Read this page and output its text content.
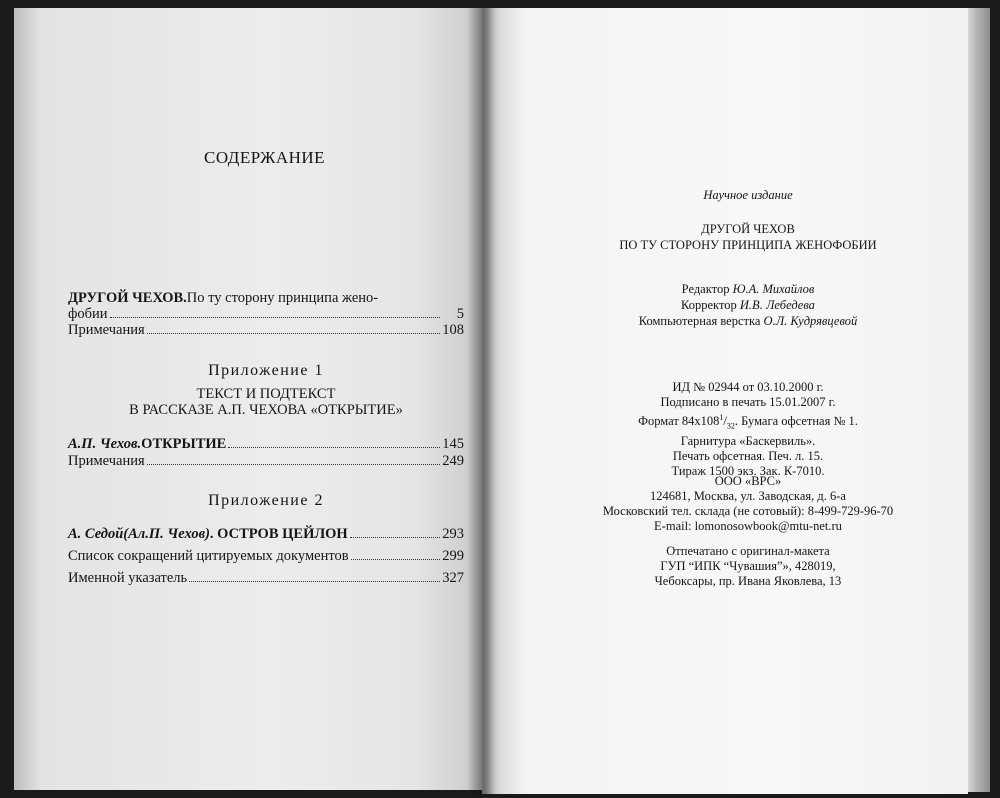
СОДЕРЖАНИЕ
ДРУГОЙ ЧЕХОВ. По ту сторону принципа жено-
фобии	5
Примечания	108
Приложение 1
ТЕКСТ И ПОДТЕКСТ
В РАССКАЗЕ А.П. ЧЕХОВА «ОТКРЫТИЕ»
А.П. Чехов. ОТКРЫТИЕ	145
Примечания	249
Приложение 2
А. Седой (Ал.П. Чехов) . ОСТРОВ ЦЕЙЛОН	293
Список сокращений цитируемых документов	299
Именной указатель	327
Научное издание
ДРУГОЙ ЧЕХОВ
ПО ТУ СТОРОНУ ПРИНЦИПА ЖЕНОФОБИИ
Редактор Ю.А. Михайлов
Корректор И.В. Лебедева
Компьютерная верстка О.Л. Кудрявцевой
ИД № 02944 от 03.10.2000 г.
Подписано в печать 15.01.2007 г.
Формат $84х108^1/_{32}$. Бумага офсетная № 1.
Гарнитура «Баскервиль».
Печать офсетная. Печ. л. 15.
Тираж 1500 экз. Зак. К-7010.
ООО «ВРС»
124681, Москва, ул. Заводская, д. 6-а
Московский тел. склада (не сотовый): 8-499-729-96-70
E-mail: lomonosowbook@mtu-net.ru
Отпечатано с оригинал-макета
ГУП “ИПК “Чувашия”», 428019,
Чебоксары, пр. Ивана Яковлева, 13
